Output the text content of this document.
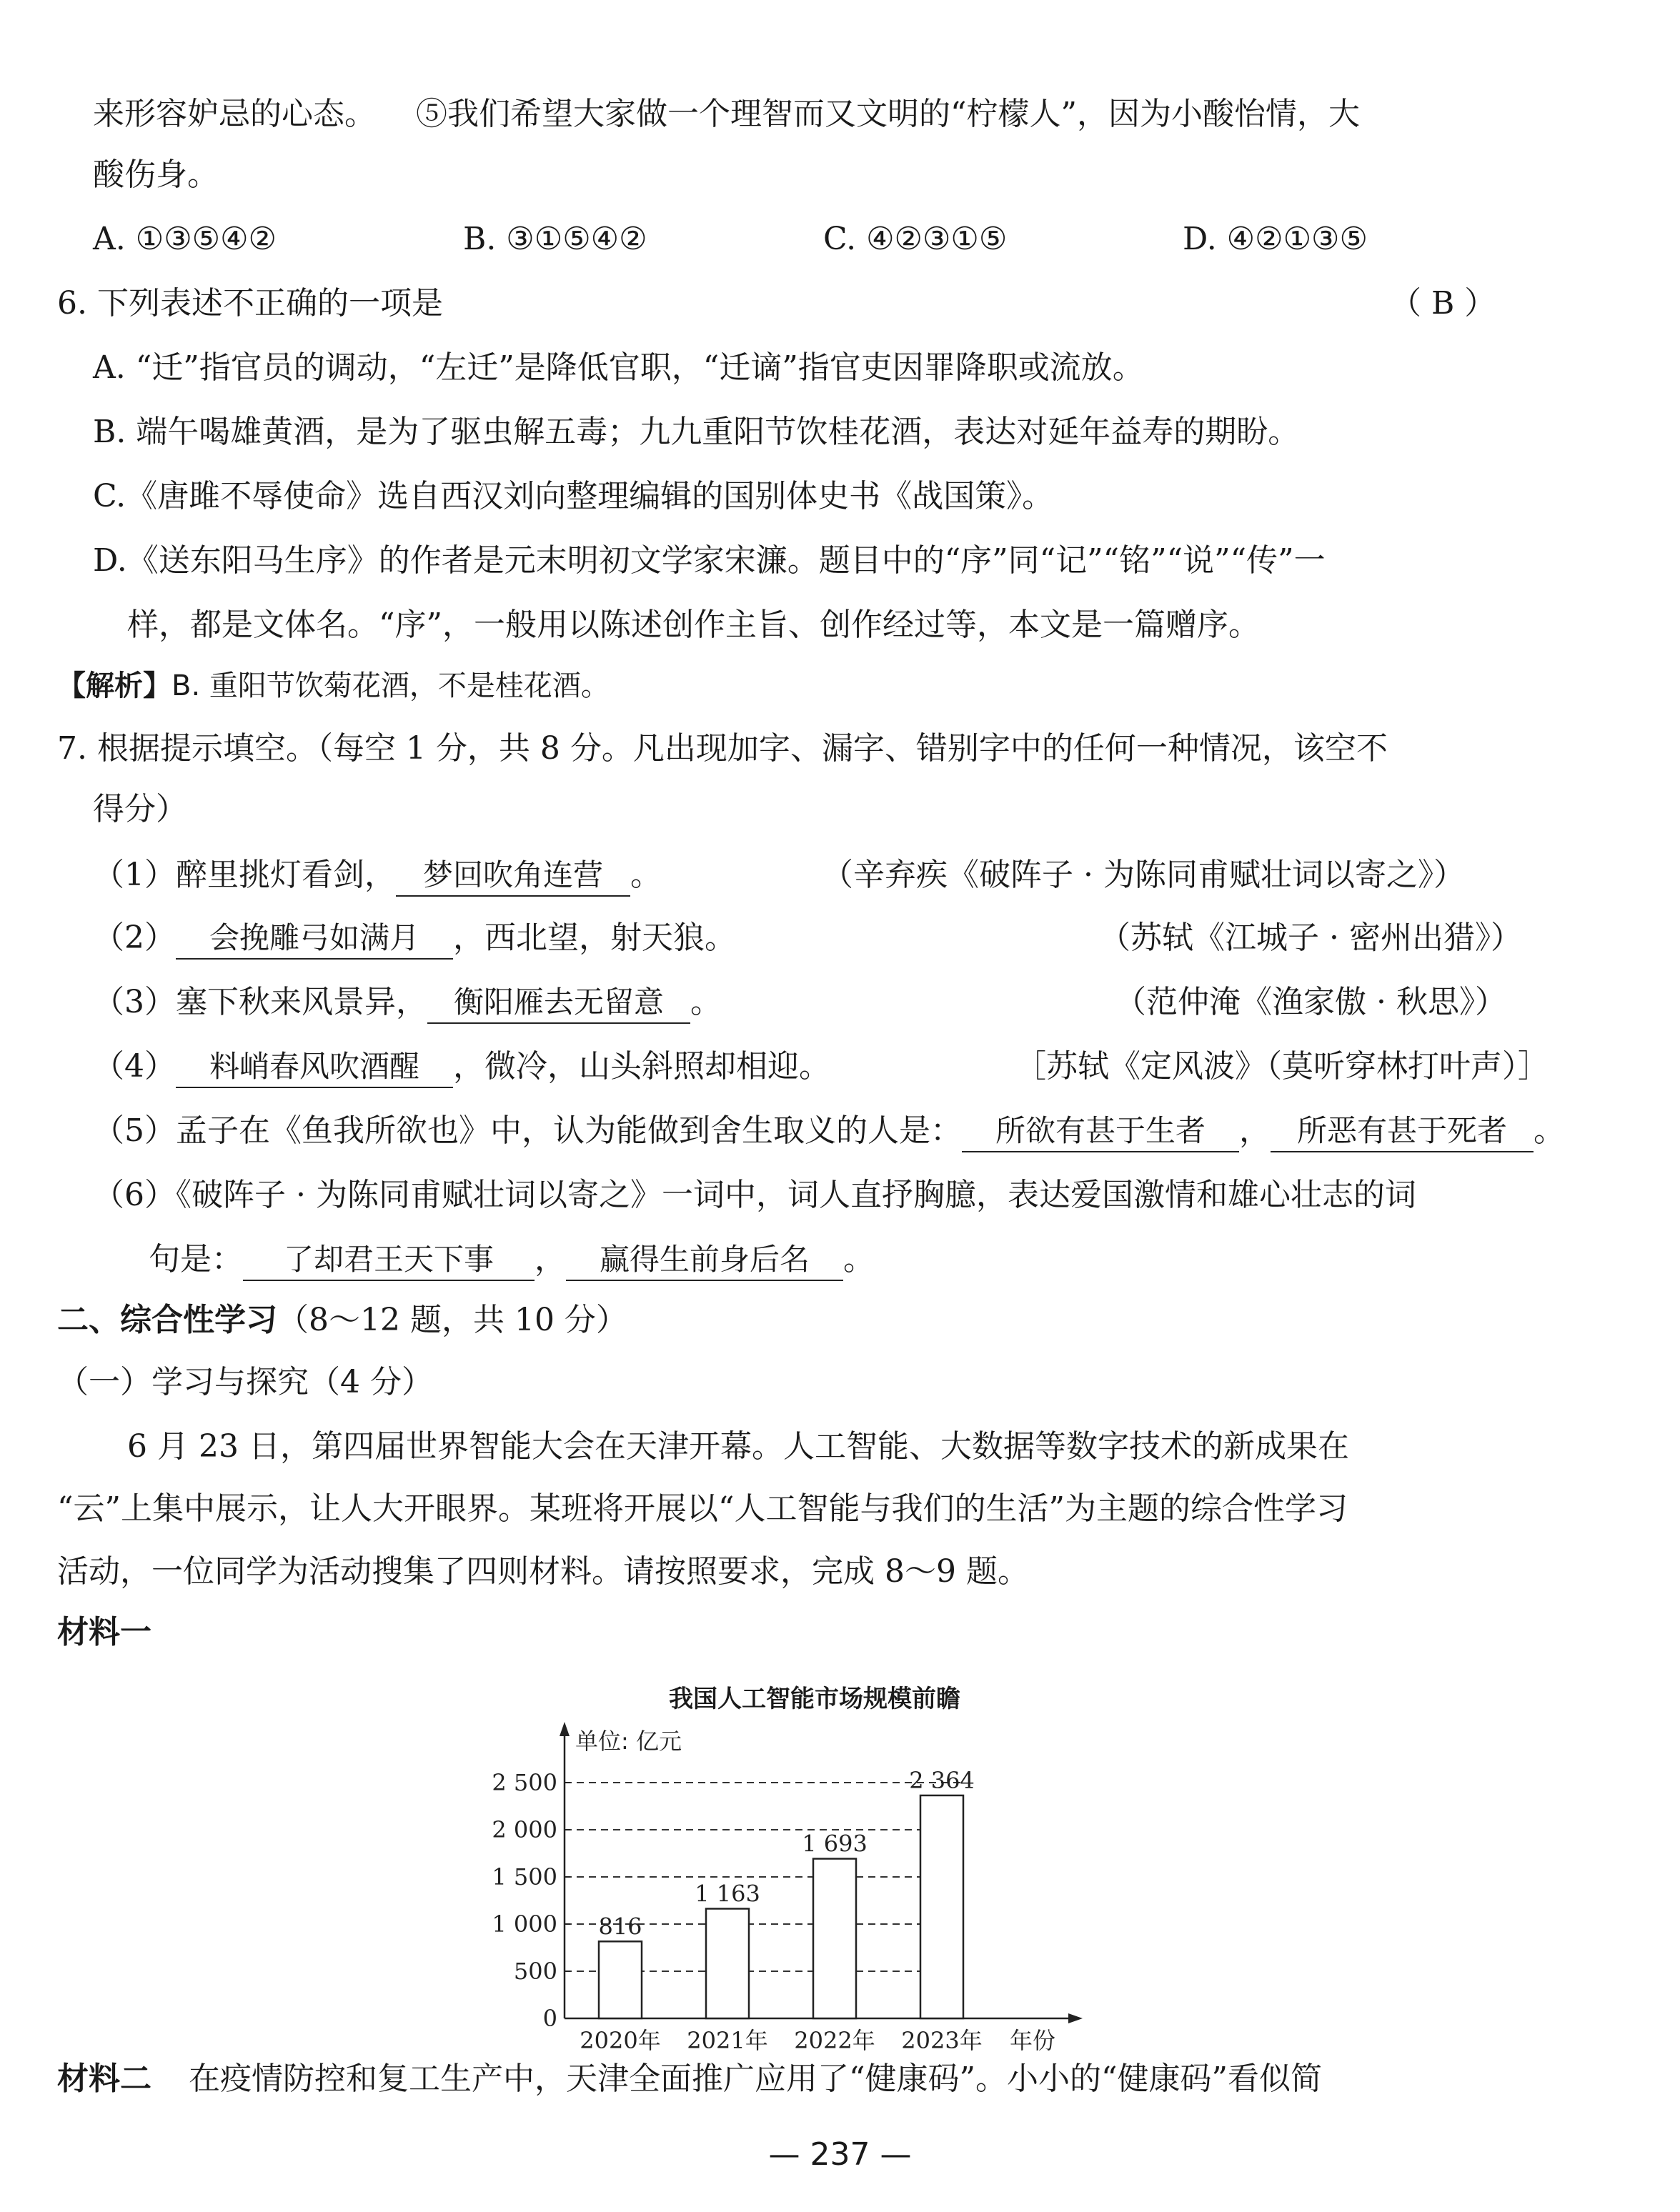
来形容妒忌的心态。 ⑤我们希望大家做一个理智而又文明的“柠檬人”，因为小酸怡情，大
酸伤身。
A. ①③⑤④②	B. ③①⑤④②	C. ④②③①⑤	D. ④②①③⑤
6. 下列表述不正确的一项是	（ B ）
A. “迁”指官员的调动，“左迁”是降低官职，“迁谪”指官吏因罪降职或流放。
B. 端午喝雄黄酒，是为了驱虫解五毒；九九重阳节饮桂花酒，表达对延年益寿的期盼。
C.《唐雎不辱使命》选自西汉刘向整理编辑的国别体史书《战国策》。
D.《送东阳马生序》的作者是元末明初文学家宋濂。题目中的“序”同“记”“铭”“说”“传”一
样，都是文体名。“序”，一般用以陈述创作主旨、创作经过等，本文是一篇赠序。
【解析】B. 重阳节饮菊花酒，不是桂花酒。
7. 根据提示填空。（每空 1 分，共 8 分。凡出现加字、漏字、错别字中的任何一种情况，该空不
得分）
（1）醉里挑灯看剑， 梦回吹角连营 。	（辛弃疾《破阵子 · 为陈同甫赋壮词以寄之》）
（2） 会挽雕弓如满月 ，西北望，射天狼。	（苏轼《江城子 · 密州出猎》）
（3）塞下秋来风景异， 衡阳雁去无留意 。	（范仲淹《渔家傲 · 秋思》）
（4） 料峭春风吹酒醒 ，微冷，山头斜照却相迎。	［苏轼《定风波》（莫听穿林打叶声）］
（5）孟子在《鱼我所欲也》中，认为能做到舍生取义的人是： 所欲有甚于生者 ， 所恶有甚于死者 。
（6）《破阵子 · 为陈同甫赋壮词以寄之》一词中，词人直抒胸臆，表达爱国激情和雄心壮志的词
句是： 了却君王天下事 ， 赢得生前身后名 。
二、综合性学习（8～12 题，共 10 分）
（一）学习与探究（4 分）
6 月 23 日，第四届世界智能大会在天津开幕。人工智能、大数据等数字技术的新成果在
“云”上集中展示，让人大开眼界。某班将开展以“人工智能与我们的生活”为主题的综合性学习
活动，一位同学为活动搜集了四则材料。请按照要求，完成 8～9 题。
材料一
我国人工智能市场规模前瞻
0
500
1 000
1 500
2 000
2 500
单位: 亿元
816
2020年
1 163
2021年
1 693
2022年
2 364
2023年 年份
材料二 在疫情防控和复工生产中，天津全面推广应用了“健康码”。小小的“健康码”看似简
— 237 —
